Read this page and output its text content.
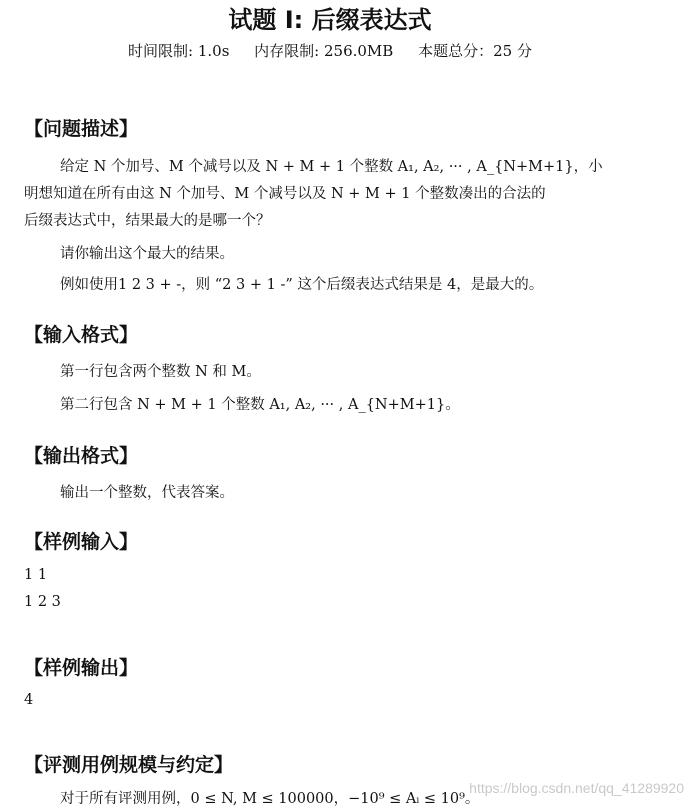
试题 I: 后缀表达式
时间限制: 1.0s 内存限制: 256.0MB 本题总分：25 分
【问题描述】
给定 N 个加号、M 个减号以及 N + M + 1 个整数 A₁, A₂, ··· , A_{N+M+1}，小
明想知道在所有由这 N 个加号、M 个减号以及 N + M + 1 个整数凑出的合法的
后缀表达式中，结果最大的是哪一个？
请你输出这个最大的结果。
例如使用1 2 3 + -，则 “2 3 + 1 -” 这个后缀表达式结果是 4，是最大的。
【输入格式】
第一行包含两个整数 N 和 M。
第二行包含 N + M + 1 个整数 A₁, A₂, ··· , A_{N+M+1}。
【输出格式】
输出一个整数，代表答案。
【样例输入】
1 1
1 2 3
【样例输出】
4
【评测用例规模与约定】
对于所有评测用例，0 ≤ N, M ≤ 100000，−10⁹ ≤ Aᵢ ≤ 10⁹。
https://blog.csdn.net/qq_41289920
